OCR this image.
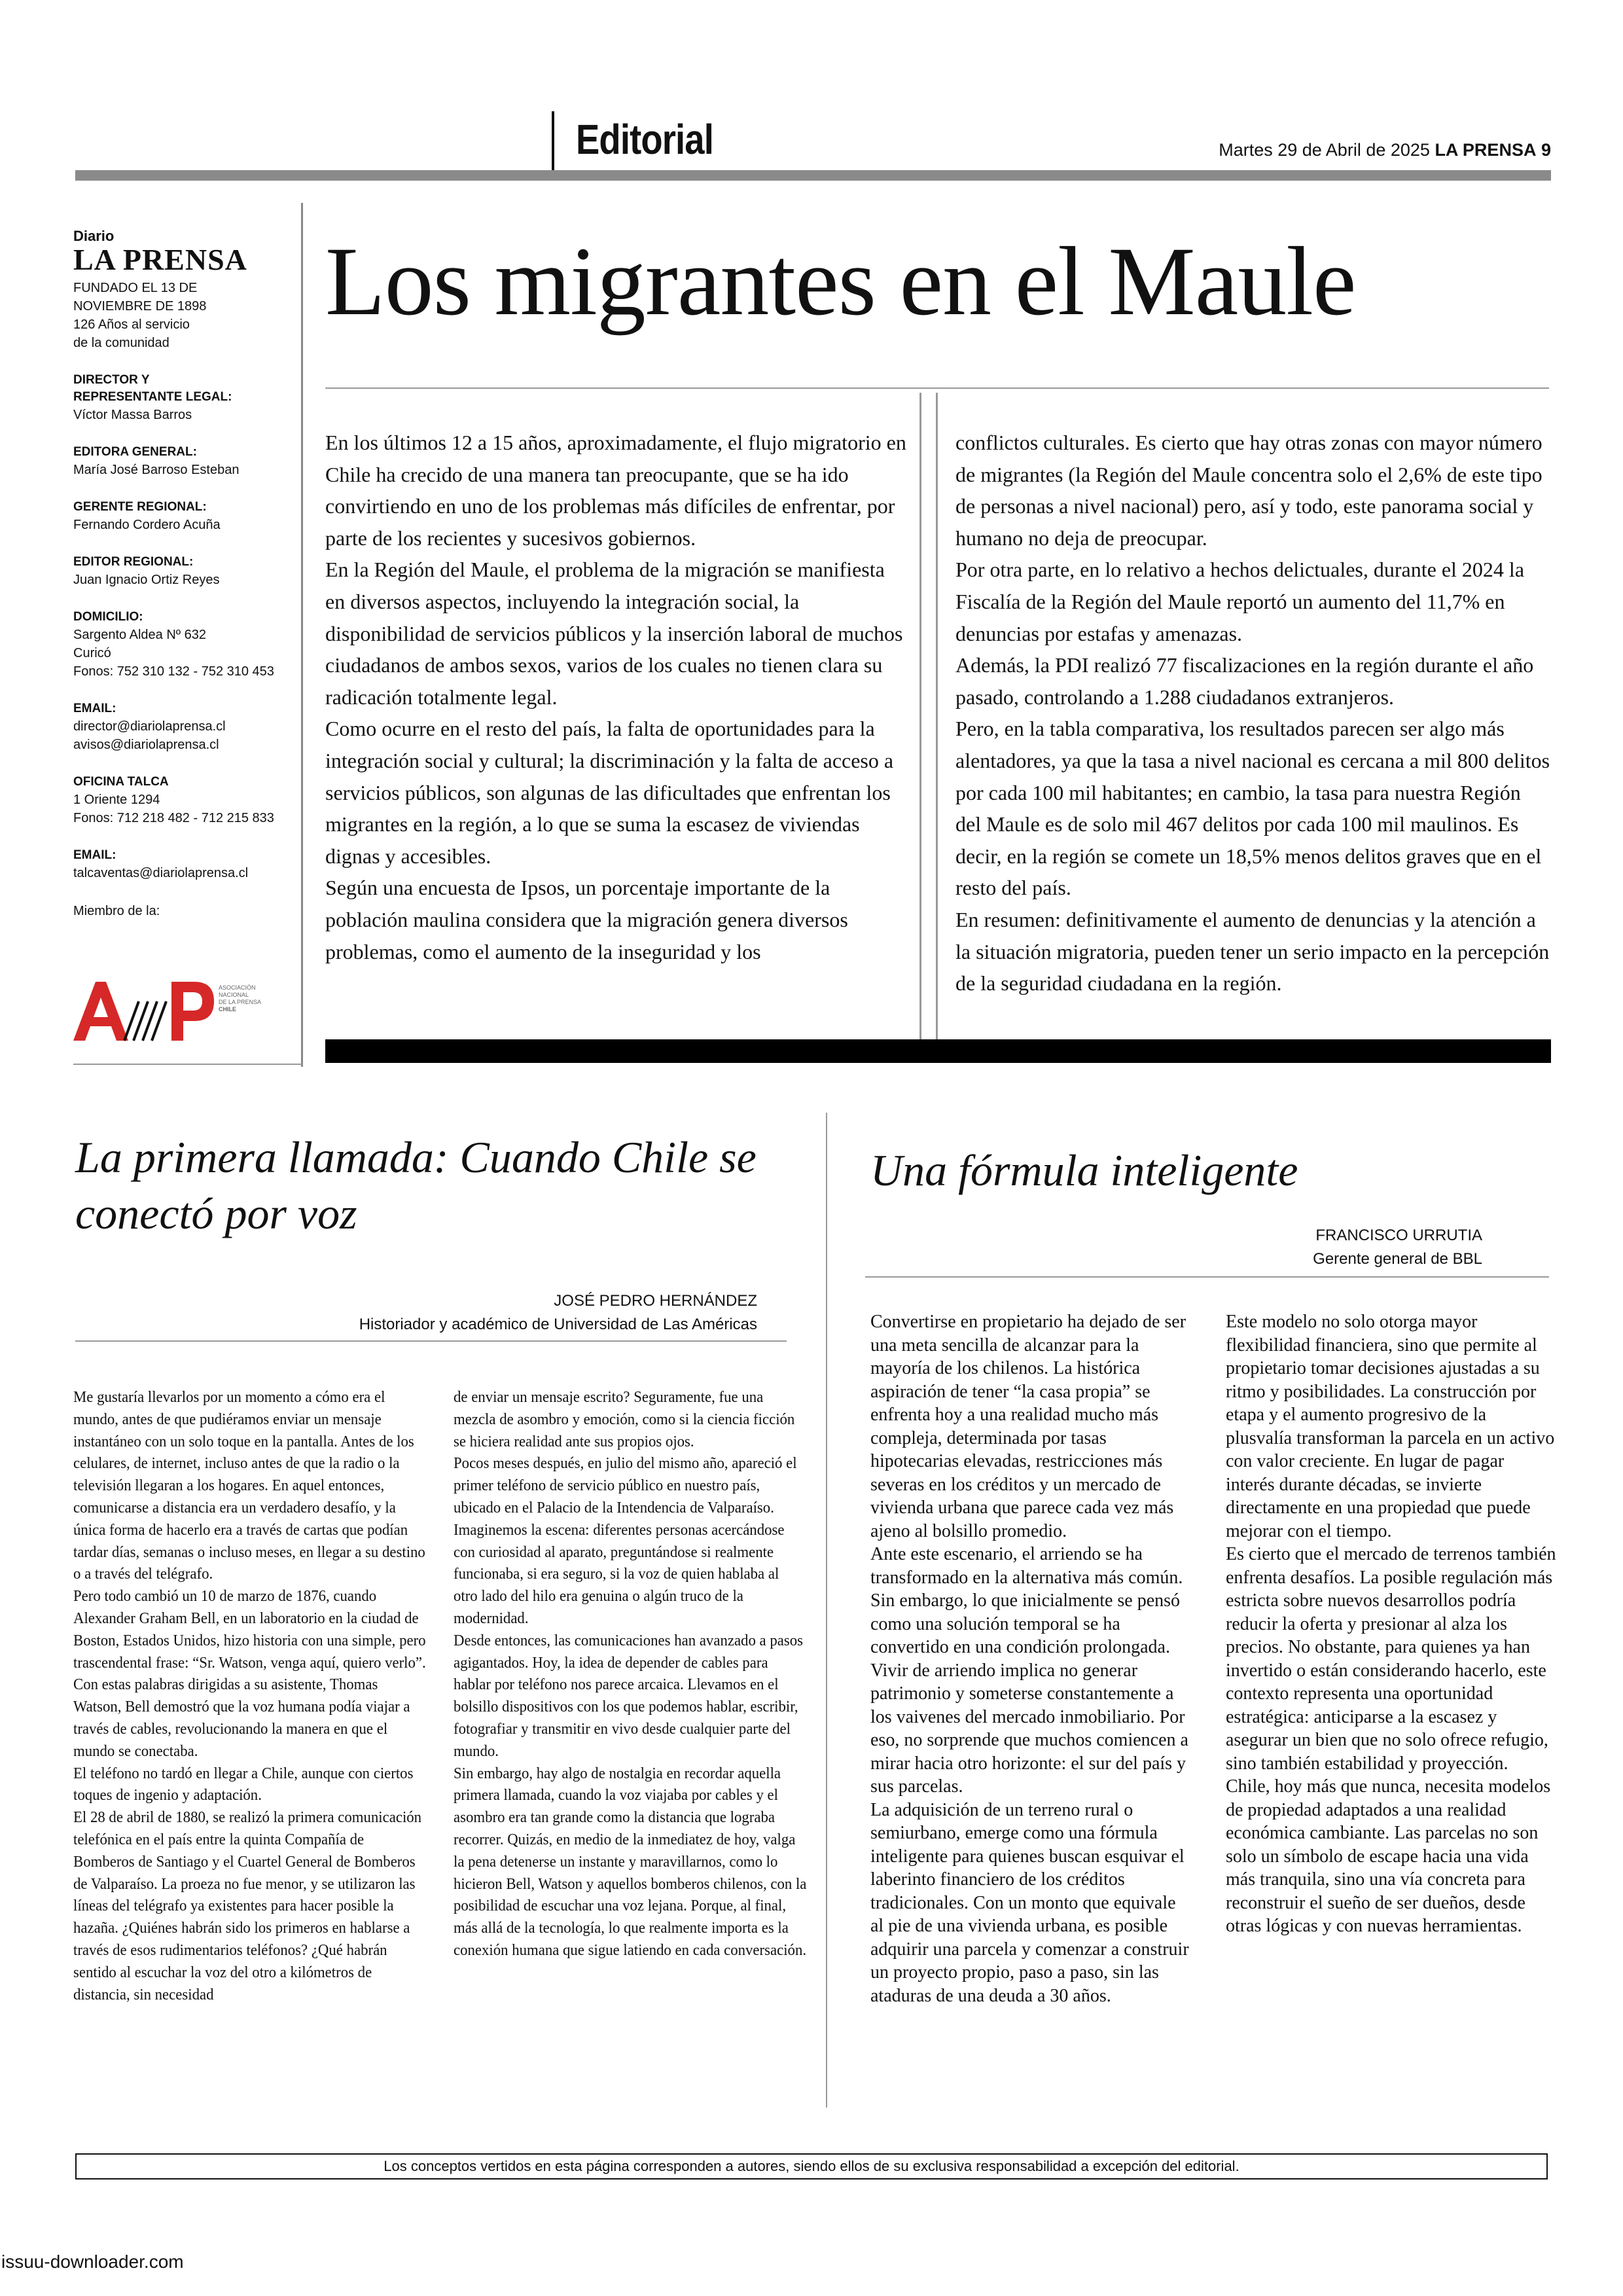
Editorial	Martes 29 de Abril de 2025 LA PRENSA 9
Diario
LA PRENSA
FUNDADO EL 13 DE
NOVIEMBRE DE 1898
126 Años al servicio
de la comunidad
DIRECTOR Y
REPRESENTANTE LEGAL:
Víctor Massa Barros
EDITORA GENERAL:
María José Barroso Esteban
GERENTE REGIONAL:
Fernando Cordero Acuña
EDITOR REGIONAL:
Juan Ignacio Ortiz Reyes
DOMICILIO:
Sargento Aldea Nº 632
Curicó
Fonos: 752 310 132 - 752 310 453
EMAIL:
director@diariolaprensa.cl
avisos@diariolaprensa.cl
OFICINA TALCA
1 Oriente 1294
Fonos: 712 218 482 - 712 215 833
EMAIL:
talcaventas@diariolaprensa.cl
Miembro de la:
ASOCIACIÓN
NACIONAL
DE LA PRENSA
CHILE
Los migrantes en el Maule

En los últimos 12 a 15 años, aproximadamente, el flujo migratorio en Chile ha crecido de una manera tan preocupante, que se ha ido convirtiendo en uno de los problemas más difíciles de enfrentar, por parte de los recientes y sucesivos gobiernos.

En la Región del Maule, el problema de la migración se manifiesta en diversos aspectos, incluyendo la integración social, la disponibilidad de servicios públicos y la inserción laboral de muchos ciudadanos de ambos sexos, varios de los cuales no tienen clara su radicación totalmente legal.

Como ocurre en el resto del país, la falta de oportunidades para la integración social y cultural; la discriminación y la falta de acceso a servicios públicos, son algunas de las dificultades que enfrentan los migrantes en la región, a lo que se suma la escasez de viviendas dignas y accesibles.

Según una encuesta de Ipsos, un porcentaje importante de la población maulina considera que la migración genera diversos problemas, como el aumento de la inseguridad y los

conflictos culturales. Es cierto que hay otras zonas con mayor número de migrantes (la Región del Maule concentra solo el 2,6% de este tipo de personas a nivel nacional) pero, así y todo, este panorama social y humano no deja de preocupar.

Por otra parte, en lo relativo a hechos delictuales, durante el 2024 la Fiscalía de la Región del Maule reportó un aumento del 11,7% en denuncias por estafas y amenazas.

Además, la PDI realizó 77 fiscalizaciones en la región durante el año pasado, controlando a 1.288 ciudadanos extranjeros.

Pero, en la tabla comparativa, los resultados parecen ser algo más alentadores, ya que la tasa a nivel nacional es cercana a mil 800 delitos por cada 100 mil habitantes; en cambio, la tasa para nuestra Región del Maule es de solo mil 467 delitos por cada 100 mil maulinos. Es decir, en la región se comete un 18,5% menos delitos graves que en el resto del país.

En resumen: definitivamente el aumento de denuncias y la atención a la situación migratoria, pueden tener un serio impacto en la percepción de la seguridad ciudadana en la región.

La primera llamada: Cuando Chile se conectó por voz
JOSÉ PEDRO HERNÁNDEZ
Historiador y académico de Universidad de Las Américas

Me gustaría llevarlos por un momento a cómo era el mundo, antes de que pudiéramos enviar un mensaje instantáneo con un solo toque en la pantalla. Antes de los celulares, de internet, incluso antes de que la radio o la televisión llegaran a los hogares. En aquel entonces, comunicarse a distancia era un verdadero desafío, y la única forma de hacerlo era a través de cartas que podían tardar días, semanas o incluso meses, en llegar a su destino o a través del telégrafo.

Pero todo cambió un 10 de marzo de 1876, cuando Alexander Graham Bell, en un laboratorio en la ciudad de Boston, Estados Unidos, hizo historia con una simple, pero trascendental frase: “Sr. Watson, venga aquí, quiero verlo”.

Con estas palabras dirigidas a su asistente, Thomas Watson, Bell demostró que la voz humana podía viajar a través de cables, revolucionando la manera en que el mundo se conectaba.

El teléfono no tardó en llegar a Chile, aunque con ciertos toques de ingenio y adaptación.

El 28 de abril de 1880, se realizó la primera comunicación telefónica en el país entre la quinta Compañía de Bomberos de Santiago y el Cuartel General de Bomberos de Valparaíso. La proeza no fue menor, y se utilizaron las líneas del telégrafo ya existentes para hacer posible la hazaña. ¿Quiénes habrán sido los primeros en hablarse a través de esos rudimentarios teléfonos? ¿Qué habrán sentido al escuchar la voz del otro a kilómetros de distancia, sin necesidad

de enviar un mensaje escrito? Seguramente, fue una mezcla de asombro y emoción, como si la ciencia ficción se hiciera realidad ante sus propios ojos.

Pocos meses después, en julio del mismo año, apareció el primer teléfono de servicio público en nuestro país, ubicado en el Palacio de la Intendencia de Valparaíso. Imaginemos la escena: diferentes personas acercándose con curiosidad al aparato, preguntándose si realmente funcionaba, si era seguro, si la voz de quien hablaba al otro lado del hilo era genuina o algún truco de la modernidad.

Desde entonces, las comunicaciones han avanzado a pasos agigantados. Hoy, la idea de depender de cables para hablar por teléfono nos parece arcaica. Llevamos en el bolsillo dispositivos con los que podemos hablar, escribir, fotografiar y transmitir en vivo desde cualquier parte del mundo.

Sin embargo, hay algo de nostalgia en recordar aquella primera llamada, cuando la voz viajaba por cables y el asombro era tan grande como la distancia que lograba recorrer. Quizás, en medio de la inmediatez de hoy, valga la pena detenerse un instante y maravillarnos, como lo hicieron Bell, Watson y aquellos bomberos chilenos, con la posibilidad de escuchar una voz lejana. Porque, al final, más allá de la tecnología, lo que realmente importa es la conexión humana que sigue latiendo en cada conversación.

Una fórmula inteligente
FRANCISCO URRUTIA
Gerente general de BBL

Convertirse en propietario ha dejado de ser una meta sencilla de alcanzar para la mayoría de los chilenos. La histórica aspiración de tener “la casa propia” se enfrenta hoy a una realidad mucho más compleja, determinada por tasas hipotecarias elevadas, restricciones más severas en los créditos y un mercado de vivienda urbana que parece cada vez más ajeno al bolsillo promedio.

Ante este escenario, el arriendo se ha transformado en la alternativa más común. Sin embargo, lo que inicialmente se pensó como una solución temporal se ha convertido en una condición prolongada. Vivir de arriendo implica no generar patrimonio y someterse constantemente a los vaivenes del mercado inmobiliario. Por eso, no sorprende que muchos comiencen a mirar hacia otro horizonte: el sur del país y sus parcelas.

La adquisición de un terreno rural o semiurbano, emerge como una fórmula inteligente para quienes buscan esquivar el laberinto financiero de los créditos tradicionales. Con un monto que equivale al pie de una vivienda urbana, es posible adquirir una parcela y comenzar a construir un proyecto propio, paso a paso, sin las ataduras de una deuda a 30 años.

Este modelo no solo otorga mayor flexibilidad financiera, sino que permite al propietario tomar decisiones ajustadas a su ritmo y posibilidades. La construcción por etapa y el aumento progresivo de la plusvalía transforman la parcela en un activo con valor creciente. En lugar de pagar interés durante décadas, se invierte directamente en una propiedad que puede mejorar con el tiempo.

Es cierto que el mercado de terrenos también enfrenta desafíos. La posible regulación más estricta sobre nuevos desarrollos podría reducir la oferta y presionar al alza los precios. No obstante, para quienes ya han invertido o están considerando hacerlo, este contexto representa una oportunidad estratégica: anticiparse a la escasez y asegurar un bien que no solo ofrece refugio, sino también estabilidad y proyección.

Chile, hoy más que nunca, necesita modelos de propiedad adaptados a una realidad económica cambiante. Las parcelas no son solo un símbolo de escape hacia una vida más tranquila, sino una vía concreta para reconstruir el sueño de ser dueños, desde otras lógicas y con nuevas herramientas.

Los conceptos vertidos en esta página corresponden a autores, siendo ellos de su exclusiva responsabilidad a excepción del editorial.
issuu-downloader.com
